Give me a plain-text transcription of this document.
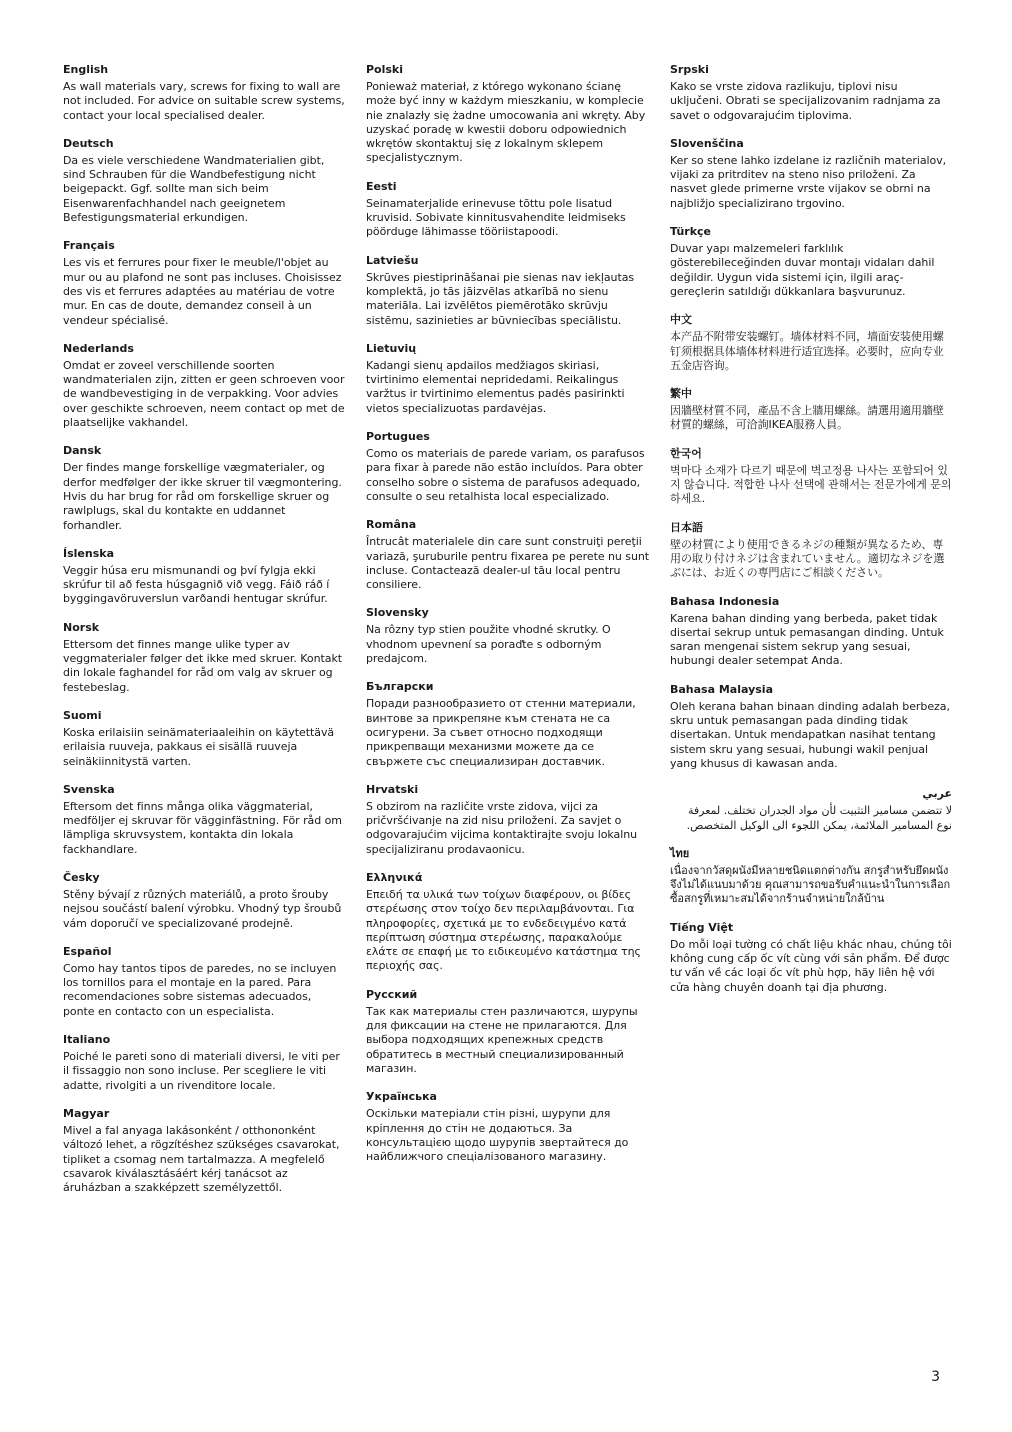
English

As wall materials vary, screws for fixing to wall are not included. For advice on suitable screw systems, contact your local specialised dealer.

Deutsch

Da es viele verschiedene Wandmaterialien gibt, sind Schrauben für die Wandbefestigung nicht beigepackt. Ggf. sollte man sich beim Eisenwarenfachhandel nach geeignetem Befestigungsmaterial erkundigen.

Français

Les vis et ferrures pour fixer le meuble/l'objet au mur ou au plafond ne sont pas incluses. Choisissez des vis et ferrures adaptées au matériau de votre mur. En cas de doute, demandez conseil à un vendeur spécialisé.

Nederlands

Omdat er zoveel verschillende soorten wandmaterialen zijn, zitten er geen schroeven voor de wandbevestiging in de verpakking. Voor advies over geschikte schroeven, neem contact op met de plaatselijke vakhandel.

Dansk

Der findes mange forskellige vægmaterialer, og derfor medfølger der ikke skruer til vægmontering. Hvis du har brug for råd om forskellige skruer og rawlplugs, skal du kontakte en uddannet forhandler.

Íslenska

Veggir húsa eru mismunandi og því fylgja ekki skrúfur til að festa húsgagnið við vegg. Fáið ráð í byggingavöruverslun varðandi hentugar skrúfur.

Norsk

Ettersom det finnes mange ulike typer av veggmaterialer følger det ikke med skruer. Kontakt din lokale faghandel for råd om valg av skruer og festebeslag.

Suomi

Koska erilaisiin seinämateriaaleihin on käytettävä erilaisia ruuveja, pakkaus ei sisällä ruuveja seinäkiinnitystä varten.

Svenska

Eftersom det finns många olika väggmaterial, medföljer ej skruvar för vägginfästning. För råd om lämpliga skruvsystem, kontakta din lokala fackhandlare.

Česky

Stěny bývají z různých materiálů, a proto šrouby nejsou součástí balení výrobku. Vhodný typ šroubů vám doporučí ve specializované prodejně.

Español

Como hay tantos tipos de paredes, no se incluyen los tornillos para el montaje en la pared. Para recomendaciones sobre sistemas adecuados, ponte en contacto con un especialista.

Italiano

Poiché le pareti sono di materiali diversi, le viti per il fissaggio non sono incluse. Per scegliere le viti adatte, rivolgiti a un rivenditore locale.

Magyar

Mivel a fal anyaga lakásonként / otthononként változó lehet, a rögzítéshez szükséges csavarokat, tipliket a csomag nem tartalmazza. A megfelelő csavarok kiválasztásáért kérj tanácsot az áruházban a szakképzett személyzettől.

Polski

Ponieważ materiał, z którego wykonano ścianę może być inny w każdym mieszkaniu, w komplecie nie znalazły się żadne umocowania ani wkręty. Aby uzyskać poradę w kwestii doboru odpowiednich wkrętów skontaktuj się z lokalnym sklepem specjalistycznym.

Eesti

Seinamaterjalide erinevuse tõttu pole lisatud kruvisid. Sobivate kinnitusvahendite leidmiseks pöörduge lähimasse tööriistapoodi.

Latviešu

Skrūves piestiprināšanai pie sienas nav iekļautas komplektā, jo tās jāizvēlas atkarībā no sienu materiāla. Lai izvēlētos piemērotāko skrūvju sistēmu, sazinieties ar būvniecības speciālistu.

Lietuvių

Kadangi sienų apdailos medžiagos skiriasi, tvirtinimo elementai nepridedami. Reikalingus varžtus ir tvirtinimo elementus padės pasirinkti vietos specializuotas pardavėjas.

Portugues

Como os materiais de parede variam, os parafusos para fixar à parede não estão incluídos. Para obter conselho sobre o sistema de parafusos adequado, consulte o seu retalhista local especializado.

Româna

Întrucât materialele din care sunt construiţi pereţii variază, şuruburile pentru fixarea pe perete nu sunt incluse. Contactează dealer-ul tău local pentru consiliere.

Slovensky

Na rôzny typ stien použite vhodné skrutky. O vhodnom upevnení sa poraďte s odborným predajcom.

Български

Поради разнообразието от стенни материали, винтовe за прикрепяне към стената не са осигурени. За съвет относно подходящи прикрепващи механизми можете да се свържете със специализиран доставчик.

Hrvatski

S obzirom na različite vrste zidova, vijci za pričvršćivanje na zid nisu priloženi. Za savjet o odgovarajućim vijcima kontaktirajte svoju lokalnu specijaliziranu prodavaonicu.

Ελληνικά

Επειδή τα υλικά των τοίχων διαφέρουν, οι βίδες στερέωσης στον τοίχο δεν περιλαμβάνονται. Για πληροφορίες, σχετικά με το ενδεδειγμένο κατά περίπτωση σύστημα στερέωσης, παρακαλούμε ελάτε σε επαφή με το ειδικευμένο κατάστημα της περιοχής σας.

Русский

Так как материалы стен различаются, шурупы для фиксации на стене не прилагаются. Для выбора подходящих крепежных средств обратитесь в местный специализированный магазин.

Українська

Оскільки матеріали стін різні, шурупи для кріплення до стін не додаються. За консультацією щодо шурупів звертайтеся до найближчого спеціалізованого магазину.

Srpski

Kako se vrste zidova razlikuju, tiplovi nisu uključeni. Obrati se specijalizovanim radnjama za savet o odgovarajućim tiplovima.

Slovenščina

Ker so stene lahko izdelane iz različnih materialov, vijaki za pritrditev na steno niso priloženi. Za nasvet glede primerne vrste vijakov se obrni na najbližjo specializirano trgovino.

Türkçe

Duvar yapı malzemeleri farklılık gösterebileceğinden duvar montajı vidaları dahil değildir. Uygun vida sistemi için, ilgili araç-gereçlerin satıldığı dükkanlara başvurunuz.

中文

本产品不附带安装螺钉。墙体材料不同，墙面安装使用螺钉须根据具体墙体材料进行适宜选择。必要时，应向专业五金店咨询。

繁中

因牆壁材質不同，產品不含上牆用螺絲。請選用適用牆壁材質的螺絲，可洽詢IKEA服務人員。

한국어

벽마다 소재가 다르기 때문에 벽고정용 나사는 포함되어 있지 않습니다. 적합한 나사 선택에 관해서는 전문가에게 문의하세요.

日本語

壁の材質により使用できるネジの種類が異なるため、専用の取り付けネジは含まれていません。適切なネジを選ぶには、お近くの専門店にご相談ください。

Bahasa Indonesia

Karena bahan dinding yang berbeda, paket tidak disertai sekrup untuk pemasangan dinding. Untuk saran mengenai sistem sekrup yang sesuai, hubungi dealer setempat Anda.

Bahasa Malaysia

Oleh kerana bahan binaan dinding adalah berbeza, skru untuk pemasangan pada dinding tidak disertakan. Untuk mendapatkan nasihat tentang sistem skru yang sesuai, hubungi wakil penjual yang khusus di kawasan anda.

عربي

لا تتضمن مسامير التثبيت لأن مواد الجدران تختلف. لمعرفة نوع المسامير الملائمة، يمكن اللجوء الى الوكيل المتخصص.

ไทย

เนื่องจากวัสดุผนังมีหลายชนิดแตกต่างกัน สกรูสำหรับยึดผนังจึงไม่ได้แนบมาด้วย คุณสามารถขอรับคำแนะนำในการเลือกซื้อสกรูที่เหมาะสมได้จากร้านจำหน่ายใกล้บ้าน

Tiếng Việt

Do mỗi loại tường có chất liệu khác nhau, chúng tôi không cung cấp ốc vít cùng với sản phẩm. Để được tư vấn về các loại ốc vít phù hợp, hãy liên hệ với cửa hàng chuyên doanh tại địa phương.

3
